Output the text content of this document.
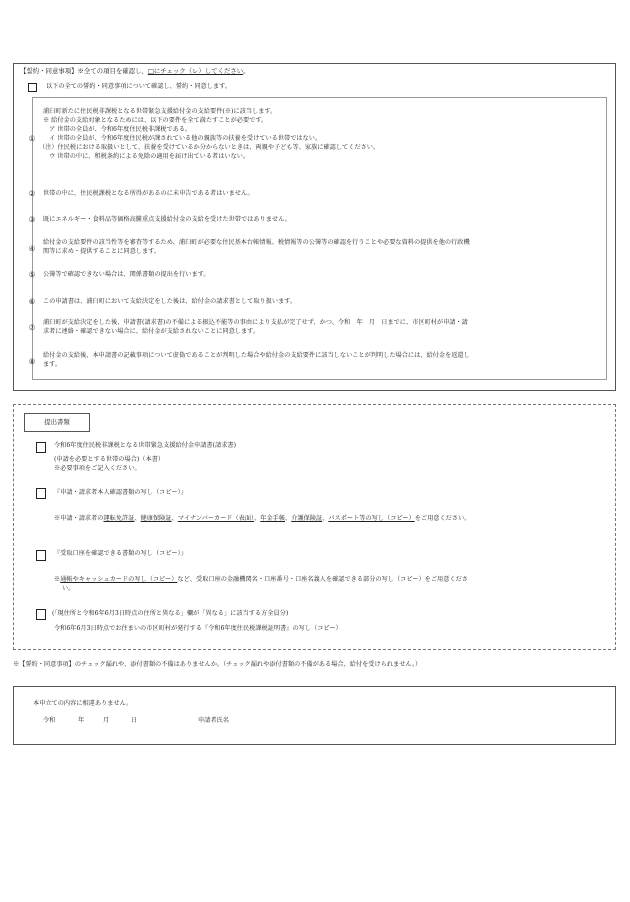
【誓約・同意事項】※全ての項目を確認し、□にチェック（レ）してください。
以下の全ての誓約・同意事項について確認し、誓約・同意します。
①
浦臼町新たに住民税非課税となる世帯緊急支援給付金の支給要件(※)に該当します。
※ 給付金の支給対象となるためには、以下の要件を全て満たすことが必要です。
　ア 世帯の全員が、令和6年度住民税非課税である。
　イ 世帯の全員が、令和6年度住民税が課されている他の親族等の扶養を受けている世帯ではない。
（注）住民税における取扱いとして、扶養を受けているか分からないときは、両親や子ども等、家族に確認してください。
　ウ 世帯の中に、租税条約による免除の適用を届け出ている者はいない。
② 世帯の中に、住民税課税となる所得があるのに未申告である者はいません。
③ 既にエネルギー・食料品等価格高騰重点支援給付金の支給を受けた世帯ではありません。
④
給付金の支給要件の該当性等を審査等するため、浦臼町が必要な住民基本台帳情報、税情報等の公簿等の確認を行うことや必要な資料の提供を他の行政機
関等に求め・提供することに同意します。
⑤ 公簿等で確認できない場合は、関係書類の提出を行います。
⑥ この申請書は、浦臼町において支給決定をした後は、給付金の請求書として取り扱います。
⑦
浦臼町が支給決定をした後、申請書(請求書)の不備による振込不能等の事由により支払が完了せず、かつ、令和　年　月　日までに、市区町村が申請・請
求者に連絡・確認できない場合に、給付金が支給されないことに同意します。
⑧
給付金の支給後、本申請書の記載事項について虚偽であることが判明した場合や給付金の支給要件に該当しないことが判明した場合には、給付金を返還し
ます。
提出書類
令和6年度住民税非課税となる世帯緊急支援給付金申請書(請求書)
(申請を必要とする世帯の場合)（本書）
※必要事項をご記入ください。
『申請・請求者本人確認書類の写し（コピー）』
※申請・請求者の運転免許証、健康保険証、マイナンバーカード（表面）、年金手帳、介護保険証、パスポート等の写し（コピー）をご用意ください。
『受取口座を確認できる書類の写し（コピー）』
※通帳やキャッシュカードの写し（コピー）など、受取口座の金融機関名・口座番号・口座名義人を確認できる部分の写し（コピー）をご用意くださ
い。
(「現住所と令和6年6月3日時点の住所と異なる」欄が「異なる」に該当する方全員分)
令和6年6月3日時点でお住まいの市区町村が発行する『令和6年度住民税課税証明書』の写し（コピー）
※【誓約・同意事項】のチェック漏れや、添付書類の不備はありませんか。（チェック漏れや添付書類の不備がある場合、給付を受けられません。）
本申立ての内容に相違ありません。
令和	年	月	日	申請者氏名
